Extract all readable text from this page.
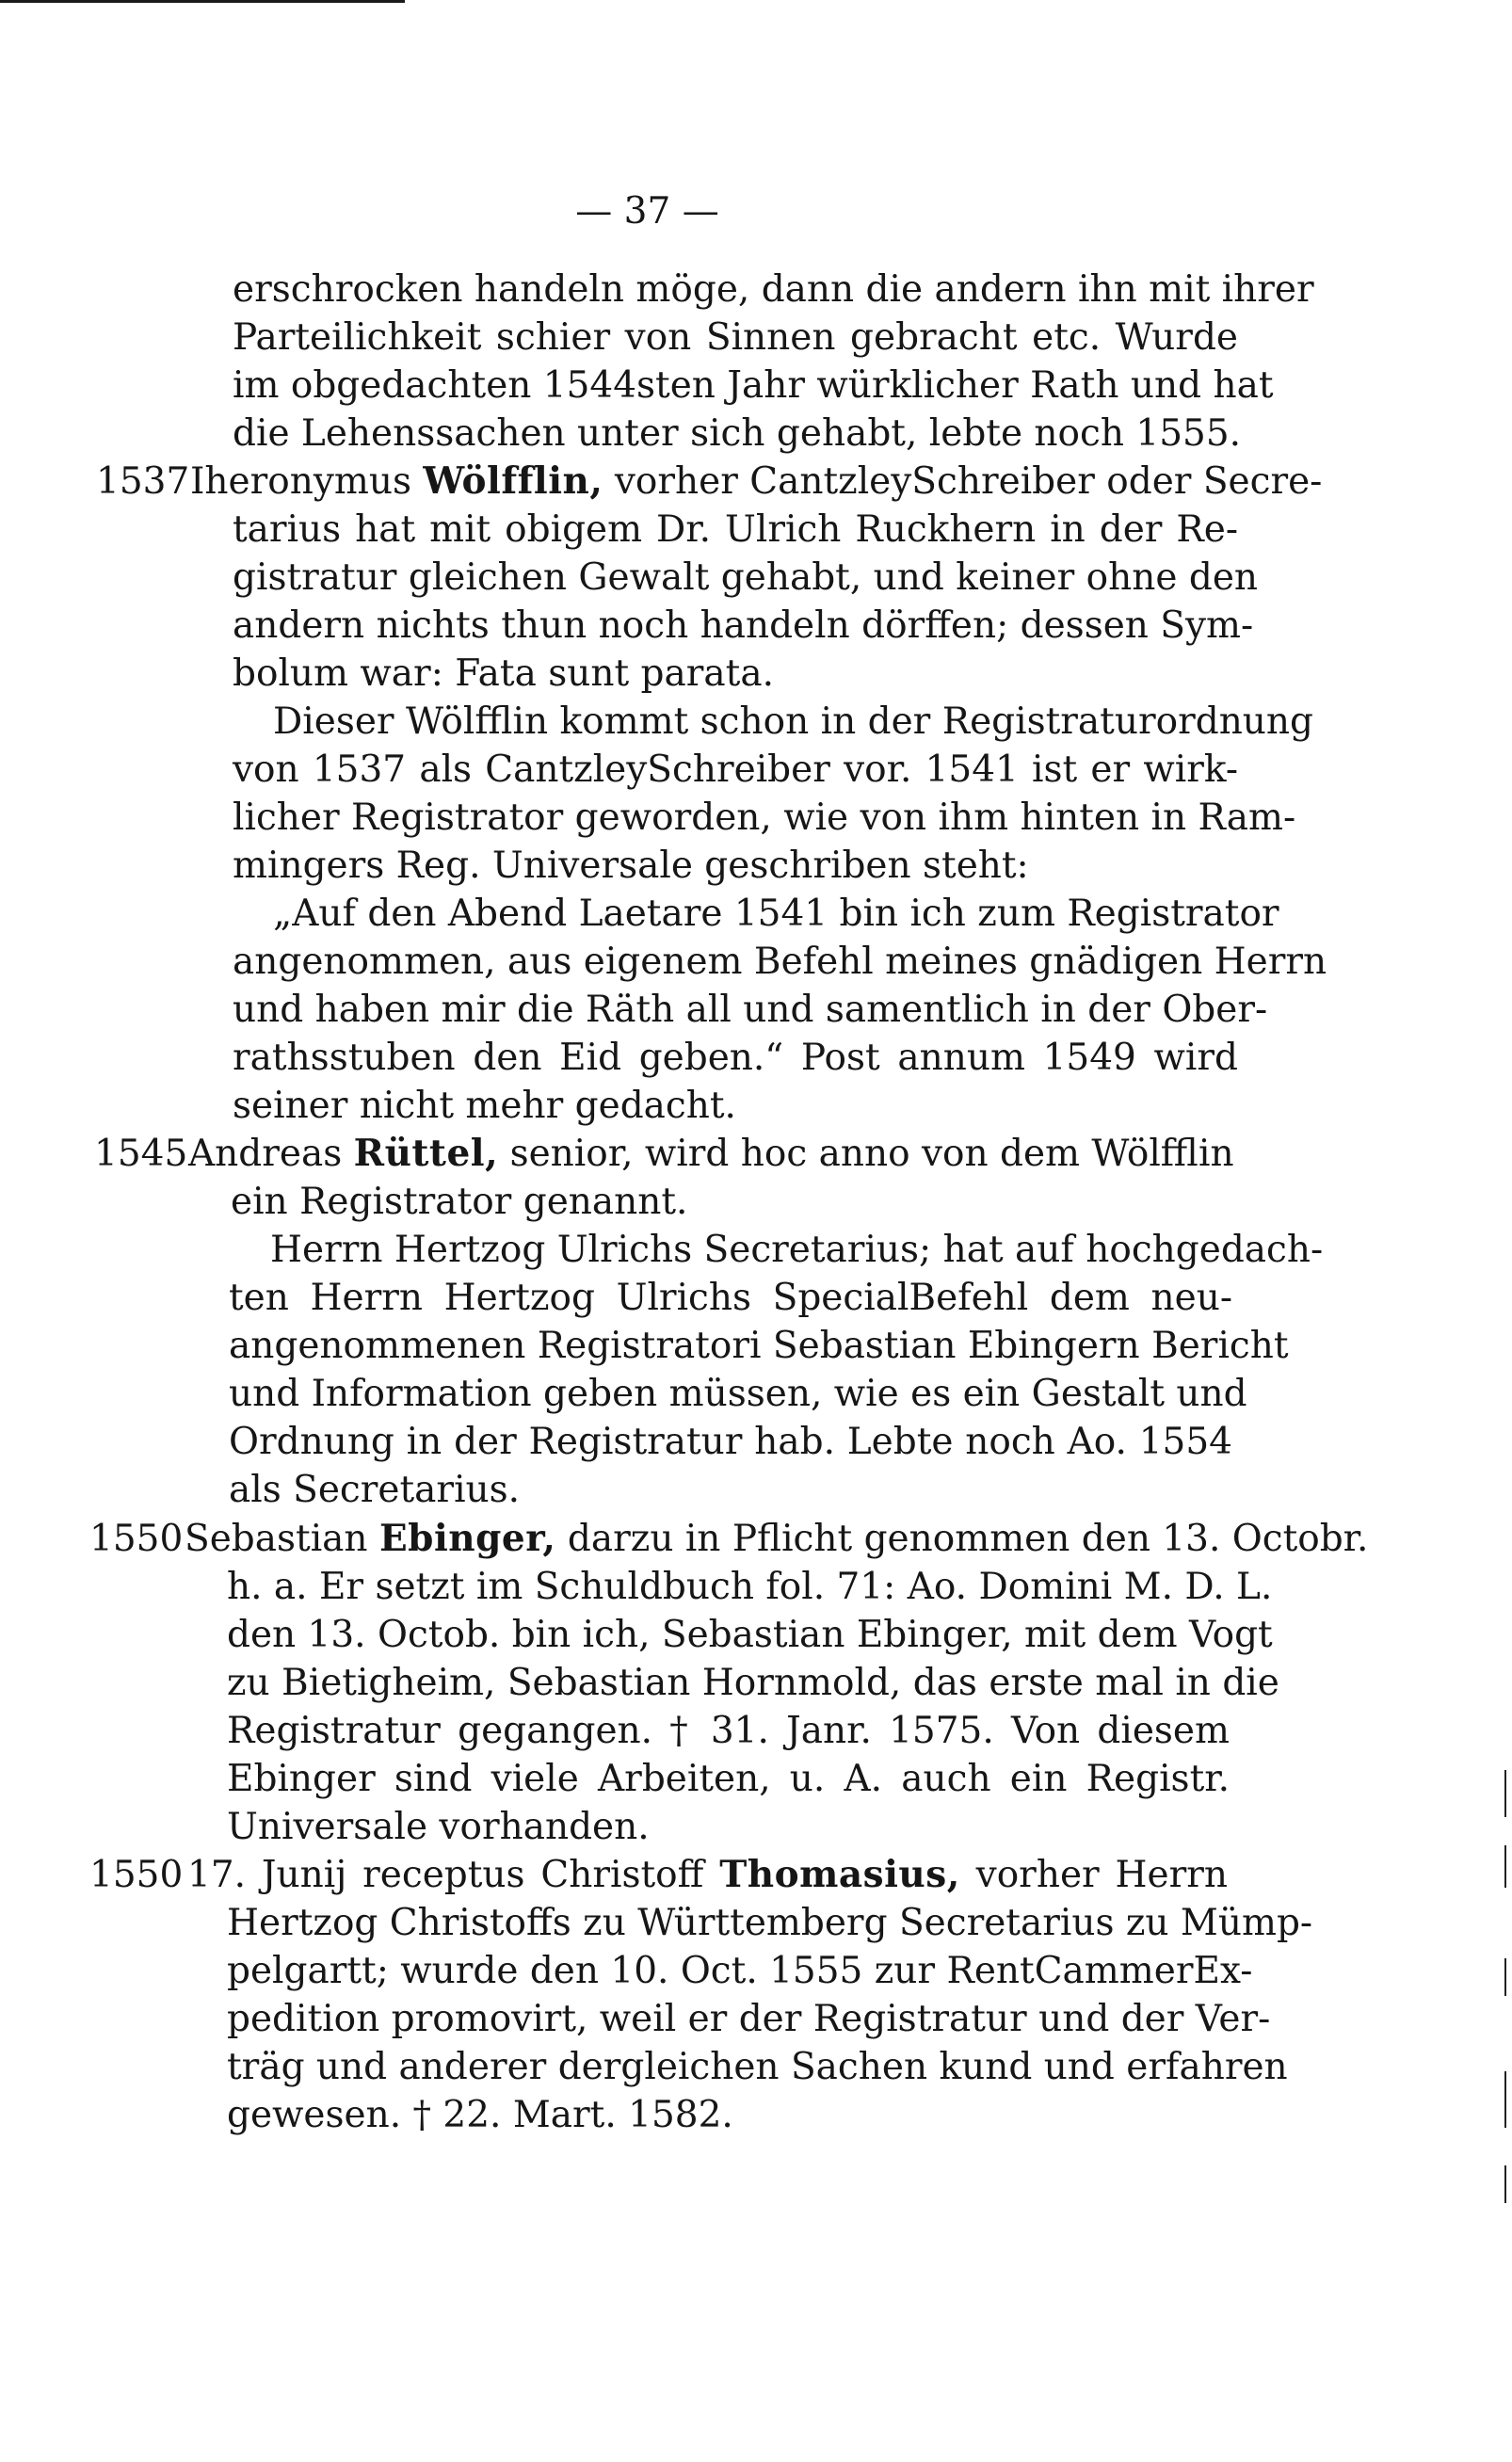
— 37 —
erschrocken handeln möge, dann die andern ihn mit ihrer
Parteilichkeit schier von Sinnen gebracht etc. Wurde
im obgedachten 1544sten Jahr würklicher Rath und hat
die Lehenssachen unter sich gehabt, lebte noch 1555.
1537 Iheronymus Wölfflin, vorher CantzleySchreiber oder Secre-
tarius hat mit obigem Dr. Ulrich Ruckhern in der Re-
gistratur gleichen Gewalt gehabt, und keiner ohne den
andern nichts thun noch handeln dörffen; dessen Sym-
bolum war: Fata sunt parata.
Dieser Wölfflin kommt schon in der Registraturordnung
von 1537 als CantzleySchreiber vor. 1541 ist er wirk-
licher Registrator geworden, wie von ihm hinten in Ram-
mingers Reg. Universale geschriben steht:
„Auf den Abend Laetare 1541 bin ich zum Registrator
angenommen, aus eigenem Befehl meines gnädigen Herrn
und haben mir die Räth all und samentlich in der Ober-
rathsstuben den Eid geben.“ Post annum 1549 wird
seiner nicht mehr gedacht.
1545 Andreas Rüttel, senior, wird hoc anno von dem Wölfflin
ein Registrator genannt.
Herrn Hertzog Ulrichs Secretarius; hat auf hochgedach-
ten Herrn Hertzog Ulrichs SpecialBefehl dem neu-
angenommenen Registratori Sebastian Ebingern Bericht
und Information geben müssen, wie es ein Gestalt und
Ordnung in der Registratur hab. Lebte noch Ao. 1554
als Secretarius.
1550 Sebastian Ebinger, darzu in Pflicht genommen den 13. Octobr.
h. a. Er setzt im Schuldbuch fol. 71: Ao. Domini M. D. L.
den 13. Octob. bin ich, Sebastian Ebinger, mit dem Vogt
zu Bietigheim, Sebastian Hornmold, das erste mal in die
Registratur gegangen. † 31. Janr. 1575. Von diesem
Ebinger sind viele Arbeiten, u. A. auch ein Registr.
Universale vorhanden.
1550 17. Junij receptus Christoff Thomasius, vorher Herrn
Hertzog Christoffs zu Württemberg Secretarius zu Mümp-
pelgartt; wurde den 10. Oct. 1555 zur RentCammerEx-
pedition promovirt, weil er der Registratur und der Ver-
träg und anderer dergleichen Sachen kund und erfahren
gewesen. † 22. Mart. 1582.
